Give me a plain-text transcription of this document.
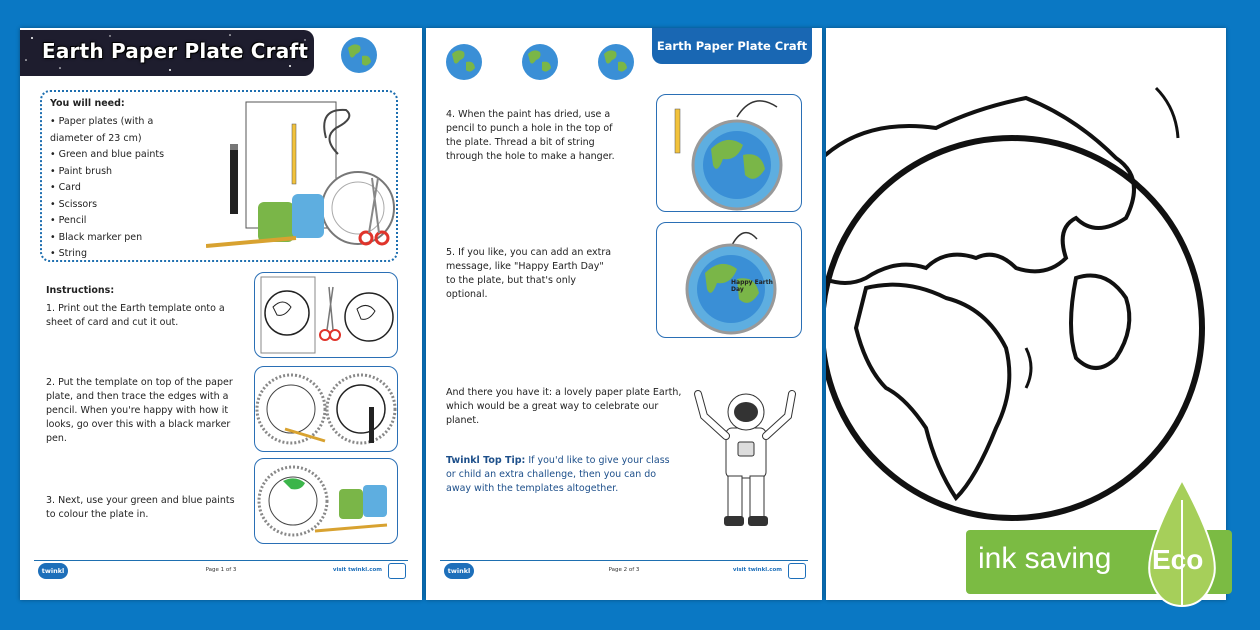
Earth Paper Plate Craft
You will need:
• Paper plates (with a diameter of 23 cm)
• Green and blue paints
• Paint brush
• Card
• Scissors
• Pencil
• Black marker pen
• String
Instructions:
1. Print out the Earth template onto a sheet of card and cut it out.
2. Put the template on top of the paper plate, and then trace the edges with a pencil. When you're happy with how it looks, go over this with a black marker pen.
3. Next, use your green and blue paints to colour the plate in.
twinkl	Page 1 of 3	visit twinkl.com
Earth Paper Plate Craft
4. When the paint has dried, use a pencil to punch a hole in the top of the plate. Thread a bit of string through the hole to make a hanger.
5. If you like, you can add an extra message, like "Happy Earth Day" to the plate, but that's only optional.
And there you have it: a lovely paper plate Earth, which would be a great way to celebrate our planet.
Twinkl Top Tip: If you'd like to give your class or child an extra challenge, then you can do away with the templates altogether.
Happy Earth Day
twinkl	Page 2 of 3	visit twinkl.com	ink saving Eco
